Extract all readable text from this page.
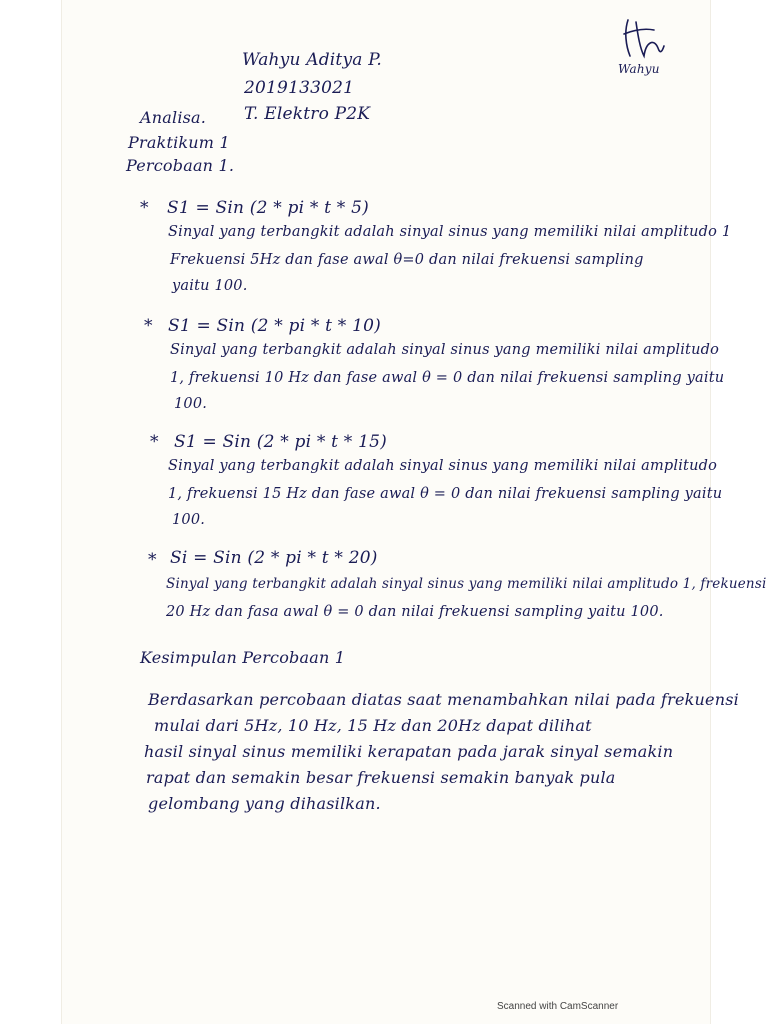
Wahyu Aditya P.
2019133021
T. Elektro P2K
Wahyu
Analisa.
Praktikum 1
Percobaan 1.
* S1 = Sin (2 * pi * t * 5)
Sinyal yang terbangkit adalah sinyal sinus yang memiliki nilai amplitudo 1
Frekuensi 5Hz dan fase awal θ=0 dan nilai frekuensi sampling
yaitu 100.
* S1 = Sin (2 * pi * t * 10)
Sinyal yang terbangkit adalah sinyal sinus yang memiliki nilai amplitudo
1, frekuensi 10 Hz dan fase awal θ = 0 dan nilai frekuensi sampling yaitu
100.
* S1 = Sin (2 * pi * t * 15)
Sinyal yang terbangkit adalah sinyal sinus yang memiliki nilai amplitudo
1, frekuensi 15 Hz dan fase awal θ = 0 dan nilai frekuensi sampling yaitu
100.
* Si = Sin (2 * pi * t * 20)
Sinyal yang terbangkit adalah sinyal sinus yang memiliki nilai amplitudo 1, frekuensi
20 Hz dan fasa awal θ = 0 dan nilai frekuensi sampling yaitu 100.
Kesimpulan Percobaan 1
Berdasarkan percobaan diatas saat menambahkan nilai pada frekuensi
mulai dari 5Hz, 10 Hz, 15 Hz dan 20Hz dapat dilihat
hasil sinyal sinus memiliki kerapatan pada jarak sinyal semakin
rapat dan semakin besar frekuensi semakin banyak pula
gelombang yang dihasilkan.
Scanned with CamScanner
